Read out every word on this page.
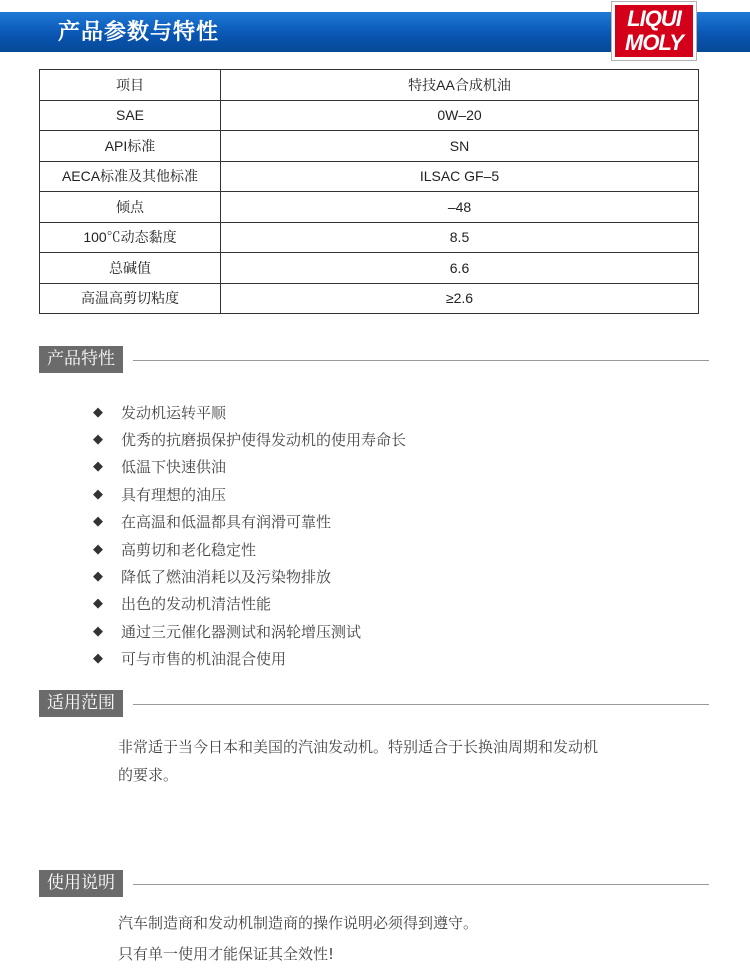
产品参数与特性
LIQUI
MOLY
项目	特技AA合成机油
SAE	0W–20
API标准	SN
AECA标准及其他标准	ILSAC GF–5
倾点	–48
100℃动态黏度	8.5
总碱值	6.6
高温高剪切粘度	≥2.6
产品特性
◆	发动机运转平顺
◆	优秀的抗磨损保护使得发动机的使用寿命长
◆	低温下快速供油
◆	具有理想的油压
◆	在高温和低温都具有润滑可靠性
◆	高剪切和老化稳定性
◆	降低了燃油消耗以及污染物排放
◆	出色的发动机清洁性能
◆	通过三元催化器测试和涡轮增压测试
◆	可与市售的机油混合使用
适用范围
非常适于当今日本和美国的汽油发动机。特别适合于长换油周期和发动机
的要求。
使用说明
汽车制造商和发动机制造商的操作说明必须得到遵守。
只有单一使用才能保证其全效性!
